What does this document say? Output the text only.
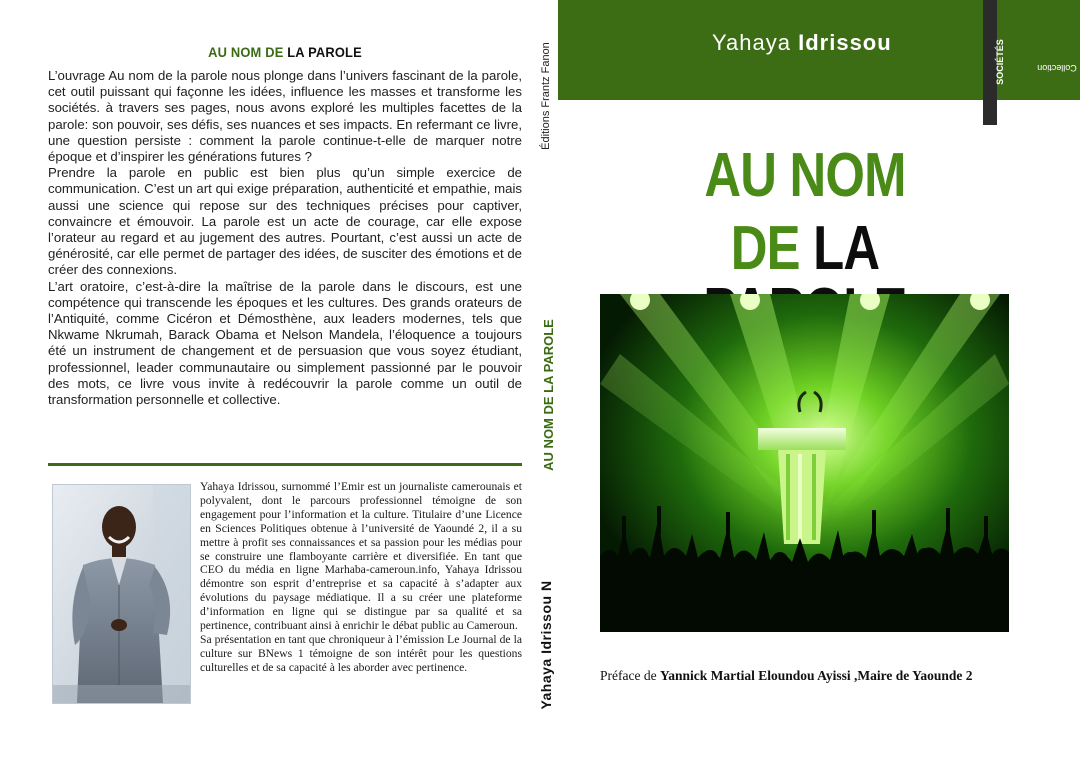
AU NOM DE LA PAROLE

L’ouvrage Au nom de la parole nous plonge dans l’univers fascinant de la parole, cet outil puissant qui façonne les idées, influence les masses et transforme les sociétés. à travers ses pages, nous avons exploré les multiples facettes de la parole: son pouvoir, ses défis, ses nuances et ses impacts. En refermant ce livre, une question persiste : comment la parole continue-t-elle de marquer notre époque et d’inspirer les générations futures ?

Prendre la parole en public est bien plus qu’un simple exercice de communication. C’est un art qui exige préparation, authenticité et empathie, mais aussi une science qui repose sur des techniques précises pour captiver, convaincre et émouvoir. La parole est un acte de courage, car elle expose l’orateur au regard et au jugement des autres. Pourtant, c’est aussi un acte de générosité, car elle permet de partager des idées, de susciter des émotions et de créer des connexions.

L’art oratoire, c’est-à-dire la maîtrise de la parole dans le discours, est une compétence qui transcende les époques et les cultures. Des grands orateurs de l’Antiquité, comme Cicéron et Démosthène, aux leaders modernes, tels que Nkwame Nkrumah, Barack Obama et Nelson Mandela, l’éloquence a toujours été un instrument de changement et de persuasion que vous soyez étudiant, professionnel, leader communautaire ou simplement passionné par le pouvoir des mots, ce livre vous invite à redécouvrir la parole comme un outil de transformation personnelle et collective.

Yahaya Idrissou, surnommé l’Emir est un journaliste camerounais et polyvalent, dont le parcours professionnel témoigne de son engagement pour l’information et la culture. Titulaire d’une Licence en Sciences Politiques obtenue à l’université de Yaoundé 2, il a su mettre à profit ses connaissances et sa passion pour les médias pour se construire une flamboyante carrière et diversifiée. En tant que CEO du média en ligne Marhaba-cameroun.info, Yahaya Idrissou démontre son esprit d’entreprise et sa capacité à s’adapter aux évolutions du paysage médiatique. Il a su créer une plateforme d’information en ligne qui se distingue par sa qualité et sa pertinence, contribuant ainsi à enrichir le débat public au Cameroun.

Sa présentation en tant que chroniqueur à l’émission Le Journal de la culture sur BNews 1 témoigne de son intérêt pour les questions culturelles et de sa capacité à les aborder avec pertinence.

Éditions Frantz Fanon
AU NOM DE LA PAROLE
Yahaya Idrissou N
Yahaya Idrissou
Collection
SOCIÉTÉS
AU NOM
DE LA
Préface de Yannick Martial Eloundou Ayissi ,Maire de Yaounde 2
